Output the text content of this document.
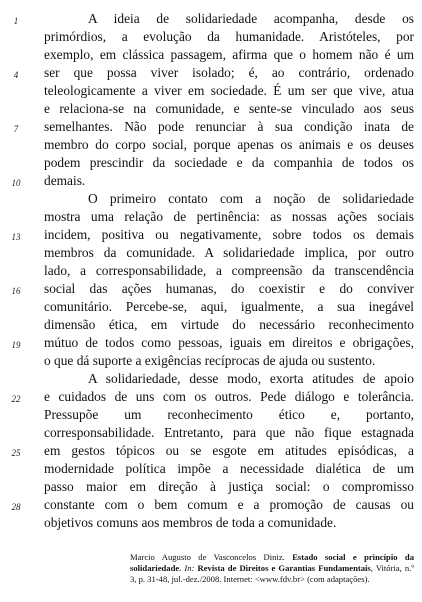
A ideia de solidariedade acompanha, desde os
primórdios, a evolução da humanidade. Aristóteles, por
exemplo, em clássica passagem, afirma que o homem não é um
ser que possa viver isolado; é, ao contrário, ordenado
teleologicamente a viver em sociedade. É um ser que vive, atua
e relaciona-se na comunidade, e sente-se vinculado aos seus
semelhantes. Não pode renunciar à sua condição inata de
membro do corpo social, porque apenas os animais e os deuses
podem prescindir da sociedade e da companhia de todos os
demais.
O primeiro contato com a noção de solidariedade
mostra uma relação de pertinência: as nossas ações sociais
incidem, positiva ou negativamente, sobre todos os demais
membros da comunidade. A solidariedade implica, por outro
lado, a corresponsabilidade, a compreensão da transcendência
social das ações humanas, do coexistir e do conviver
comunitário. Percebe-se, aqui, igualmente, a sua inegável
dimensão ética, em virtude do necessário reconhecimento
mútuo de todos como pessoas, iguais em direitos e obrigações,
o que dá suporte a exigências recíprocas de ajuda ou sustento.
A solidariedade, desse modo, exorta atitudes de apoio
e cuidados de uns com os outros. Pede diálogo e tolerância.
Pressupõe um reconhecimento ético e, portanto,
corresponsabilidade. Entretanto, para que não fique estagnada
em gestos tópicos ou se esgote em atitudes episódicas, a
modernidade política impõe a necessidade dialética de um
passo maior em direção à justiça social: o compromisso
constante com o bem comum e a promoção de causas ou
objetivos comuns aos membros de toda a comunidade.
1
4
7
10
13
16
19
22
25
28
Marcio Augusto de Vasconcelos Diniz. Estado social e princípio da solidariedade. In: Revista de Direitos e Garantias Fundamentais, Vitória, n.º 3, p. 31-48, jul.-dez./2008. Internet: <www.fdv.br> (com adaptações).
